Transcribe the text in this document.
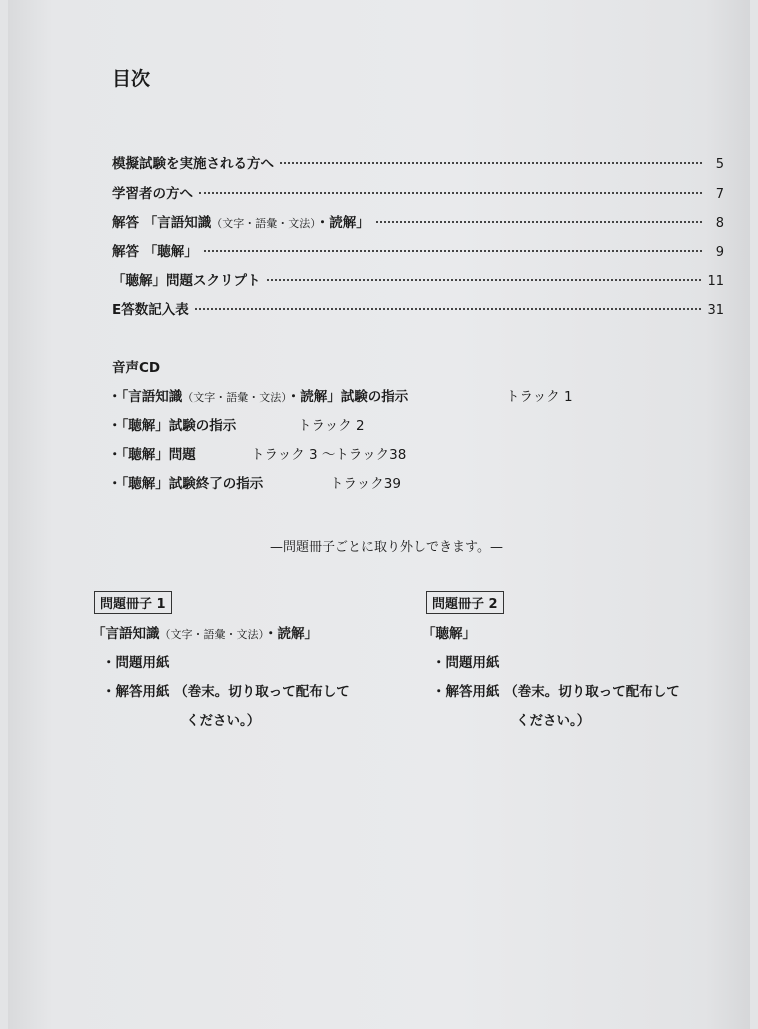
目次
模擬試験を実施される方へ	5
学習者の方へ	7
解答 「言語知識（文字・語彙・文法）・読解」	8
解答 「聴解」	9
「聴解」問題スクリプト	11
E答数記入表	31
音声CD
・「言語知識（文字・語彙・文法）・読解」試験の指示	トラック 1
・「聴解」試験の指示	トラック 2
・「聴解」問題	トラック 3 ～トラック38
・「聴解」試験終了の指示	トラック39
—問題冊子ごとに取り外しできます。—
問題冊子 1
「言語知識（文字・語彙・文法）・読解」
・問題用紙
・解答用紙 （巻末。切り取って配布して
ください。）
問題冊子 2
「聴解」
・問題用紙
・解答用紙 （巻末。切り取って配布して
ください。）
